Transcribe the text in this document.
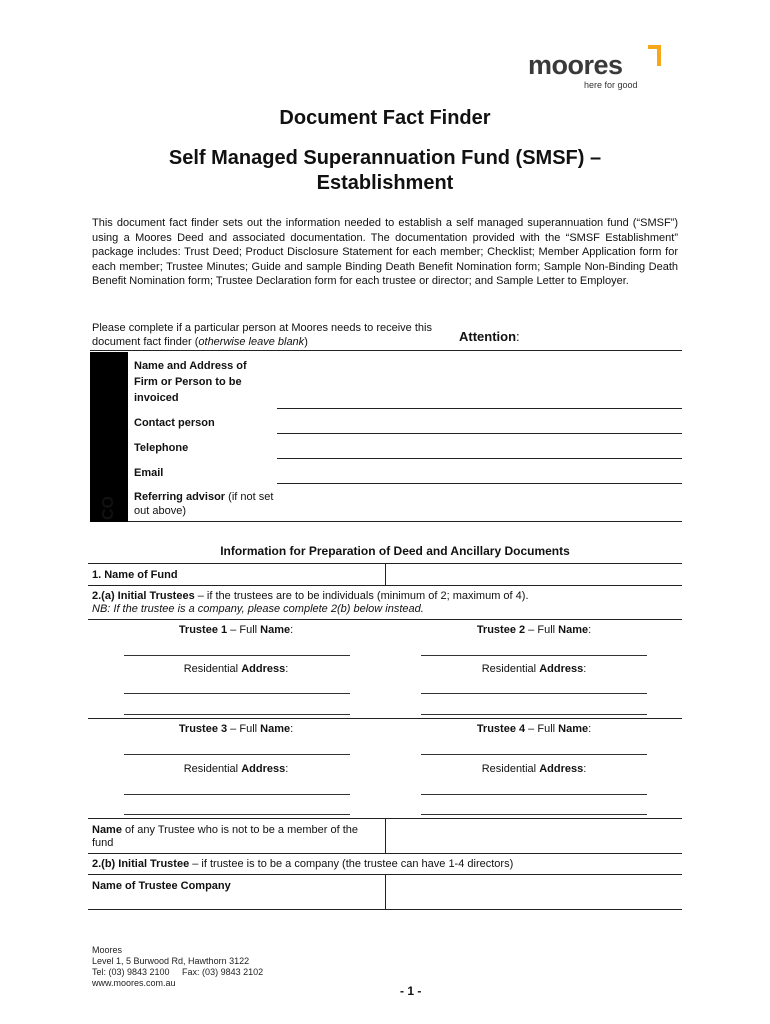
moores
here for good
Document Fact Finder
Self Managed Superannuation Fund (SMSF) –
Establishment
This document fact finder sets out the information needed to establish a self managed superannuation fund (“SMSF”) using a Moores Deed and associated documentation. The documentation provided with the “SMSF Establishment” package includes: Trust Deed; Product Disclosure Statement for each member; Checklist; Member Application form for each member; Trustee Minutes; Guide and sample Binding Death Benefit Nomination form; Sample Non-Binding Death Benefit Nomination form; Trustee Declaration form for each trustee or director; and Sample Letter to Employer.
Please complete if a particular person at Moores needs to receive this document fact finder (otherwise leave blank)	Attention:
CO
Name and Address of Firm or Person to be invoiced
Contact person
Telephone
Email
Referring advisor (if not set out above)
Information for Preparation of Deed and Ancillary Documents
1. Name of Fund
2.(a) Initial Trustees – if the trustees are to be individuals (minimum of 2; maximum of 4).
NB: If the trustee is a company, please complete 2(b) below instead.
Trustee 1 – Full Name:	Trustee 2 – Full Name:
Residential Address:	Residential Address:
Trustee 3 – Full Name:	Trustee 4 – Full Name:
Residential Address:	Residential Address:
Name of any Trustee who is not to be a member of the fund
2.(b) Initial Trustee – if trustee is to be a company (the trustee can have 1-4 directors)
Name of Trustee Company
Moores
Level 1, 5 Burwood Rd, Hawthorn 3122
Tel: (03) 9843 2100     Fax: (03) 9843 2102
www.moores.com.au
- 1 -
